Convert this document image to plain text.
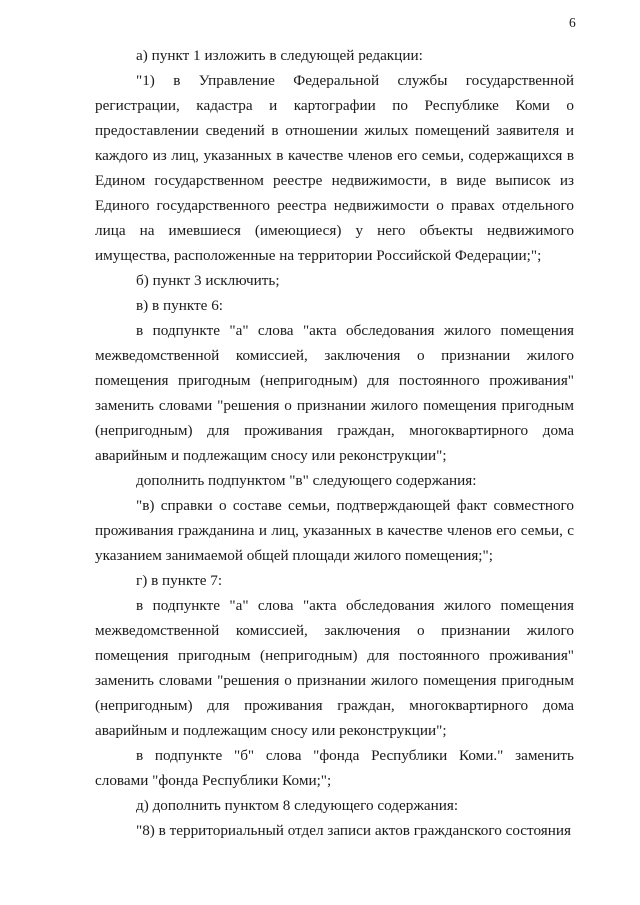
6

а) пункт 1 изложить в следующей редакции:

"1) в Управление Федеральной службы государственной регистрации, кадастра и картографии по Республике Коми о предоставлении сведений в отношении жилых помещений заявителя и каждого из лиц, указанных в качестве членов его семьи, содержащихся в Едином государственном реестре недвижимости, в виде выписок из Единого государственного реестра недвижимости о правах отдельного лица на имевшиеся (имеющиеся) у него объекты недвижимого имущества, расположенные на территории Российской Федерации;";

б) пункт 3 исключить;

в) в пункте 6:

в подпункте "а" слова "акта обследования жилого помещения межведомственной комиссией, заключения о признании жилого помещения пригодным (непригодным) для постоянного проживания" заменить словами "решения о признании жилого помещения пригодным (непригодным) для проживания граждан, многоквартирного дома аварийным и подлежащим сносу или реконструкции";

дополнить подпунктом "в" следующего содержания:

"в) справки о составе семьи, подтверждающей факт совместного проживания гражданина и лиц, указанных в качестве членов его семьи, с указанием занимаемой общей площади жилого помещения;";

г) в пункте 7:

в подпункте "а" слова "акта обследования жилого помещения межведомственной комиссией, заключения о признании жилого помещения пригодным (непригодным) для постоянного проживания" заменить словами "решения о признании жилого помещения пригодным (непригодным) для проживания граждан, многоквартирного дома аварийным и подлежащим сносу или реконструкции";

в подпункте "б" слова "фонда Республики Коми." заменить словами "фонда Республики Коми;";

д) дополнить пунктом 8 следующего содержания:

"8) в территориальный отдел записи актов гражданского состояния
